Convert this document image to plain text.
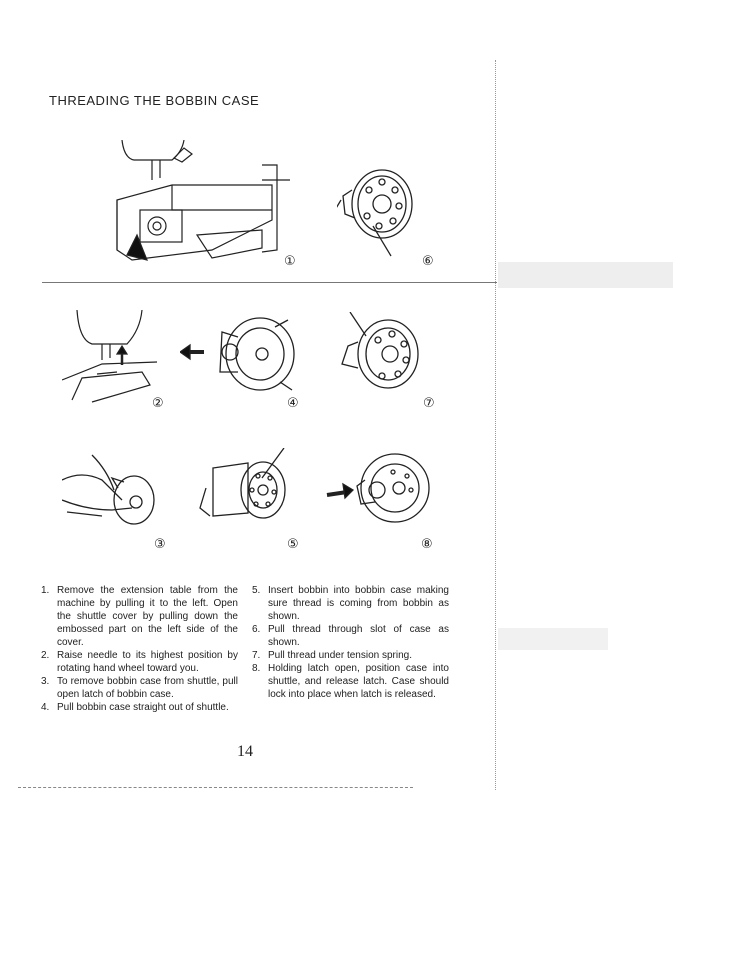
THREADING THE BOBBIN CASE
①	⑥
②	④	⑦
③	⑤	⑧
1. Remove the extension table from the machine by pulling it to the left. Open the shuttle cover by pulling down the embossed part on the left side of the cover.
2. Raise needle to its highest position by rotating hand wheel toward you.
3. To remove bobbin case from shuttle, pull open latch of bobbin case.
4. Pull bobbin case straight out of shuttle.
5. Insert bobbin into bobbin case making sure thread is coming from bobbin as shown.
6. Pull thread through slot of case as shown.
7. Pull thread under tension spring.
8. Holding latch open, position case into shuttle, and release latch. Case should lock into place when latch is released.
14
